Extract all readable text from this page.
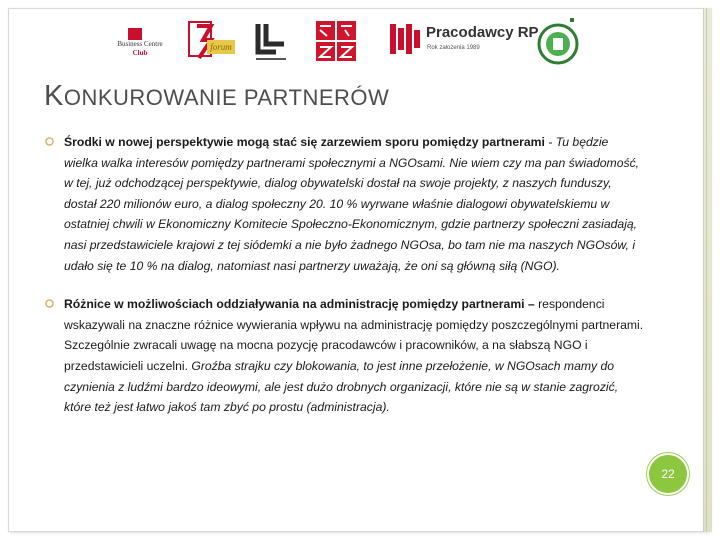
Business Centre
Club
forum
Pracodawcy RP
Rok założenia 1989
KONKUROWANIE PARTNERÓW
Środki w nowej perspektywie mogą stać się zarzewiem sporu pomiędzy partnerami - Tu będzie wielka walka interesów pomiędzy partnerami społecznymi a NGOsami. Nie wiem czy ma pan świadomość, w tej, już odchodzącej perspektywie, dialog obywatelski dostał na swoje projekty, z naszych funduszy, dostał 220 milionów euro, a dialog społeczny 20. 10 % wyrwane właśnie dialogowi obywatelskiemu w ostatniej chwili w Ekonomiczny Komitecie Społeczno-Ekonomicznym, gdzie partnerzy społeczni zasiadają, nasi przedstawiciele krajowi z tej siódemki a nie było żadnego NGOsa, bo tam nie ma naszych NGOsów, i udało się te 10 % na dialog, natomiast nasi partnerzy uważają, że oni są główną siłą (NGO).
Różnice w możliwościach oddziaływania na administrację pomiędzy partnerami – respondenci wskazywali na znaczne różnice wywierania wpływu na administrację pomiędzy poszczególnymi partnerami. Szczególnie zwracali uwagę na mocna pozycję pracodawców i pracowników, a na słabszą NGO i przedstawicieli uczelni. Groźba strajku czy blokowania, to jest inne przełożenie, w NGOsach mamy do czynienia z ludźmi bardzo ideowymi, ale jest dużo drobnych organizacji, które nie są w stanie zagrozić, które też jest łatwo jakoś tam zbyć po prostu (administracja).
22
